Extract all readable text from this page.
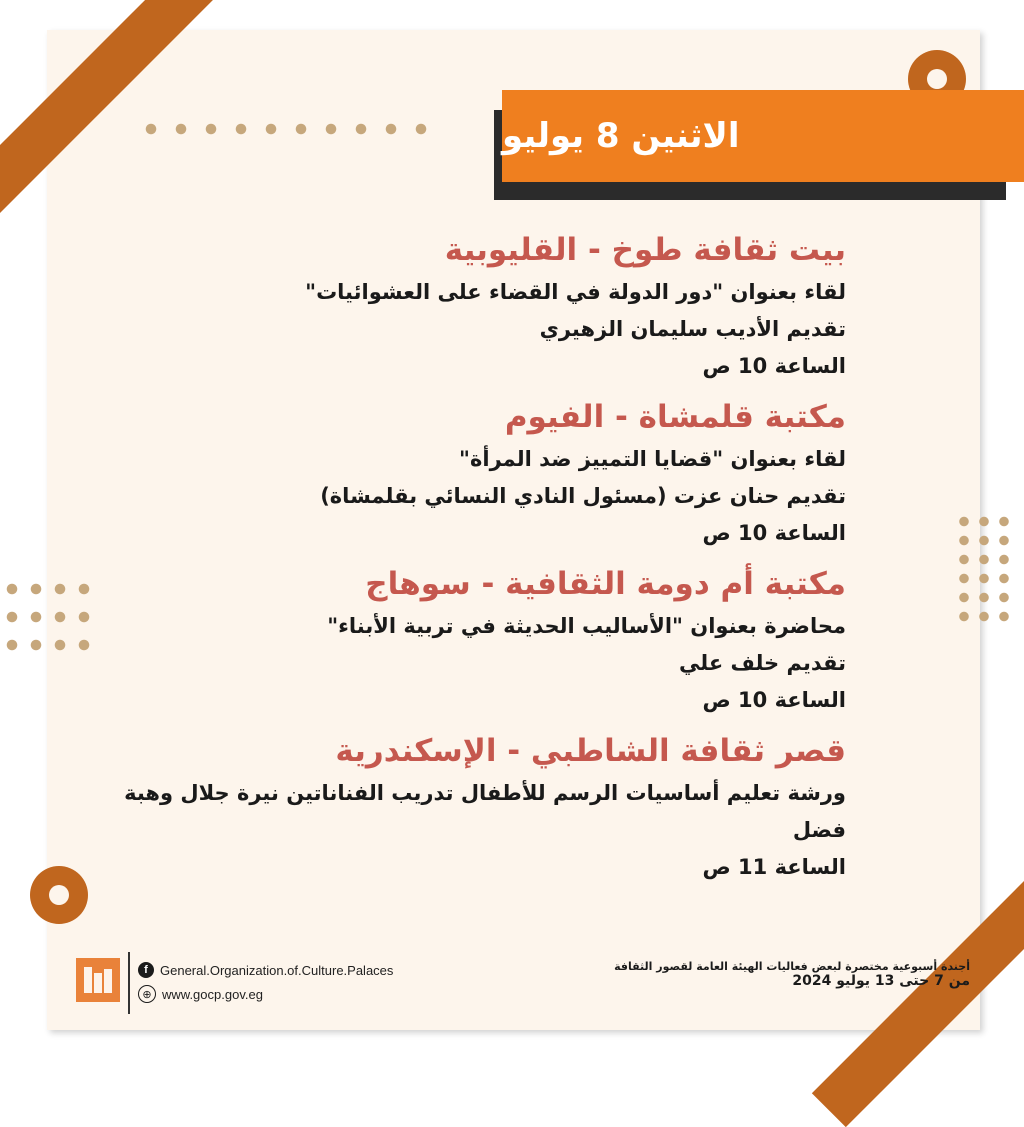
الاثنين 8 يوليو
بيت ثقافة طوخ - القليوبية
لقاء بعنوان "دور الدولة في القضاء على العشوائيات"
تقديم الأديب سليمان الزهيري
الساعة 10 ص
مكتبة قلمشاة - الفيوم
لقاء بعنوان "قضايا التمييز ضد المرأة"
تقديم حنان عزت (مسئول النادي النسائي بقلمشاة)
الساعة 10 ص
مكتبة أم دومة الثقافية - سوهاج
محاضرة بعنوان "الأساليب الحديثة في تربية الأبناء"
تقديم خلف علي
الساعة 10 ص
قصر ثقافة الشاطبي - الإسكندرية
ورشة تعليم أساسيات الرسم للأطفال تدريب الفناناتين نيرة جلال وهبة فضل
الساعة 11 ص
f General.Organization.of.Culture.Palaces
⊕ www.gocp.gov.eg
أجندة أسبوعية مختصرة لبعض فعاليات الهيئة العامة لقصور الثقافة
من 7 حتى 13 يوليو 2024
